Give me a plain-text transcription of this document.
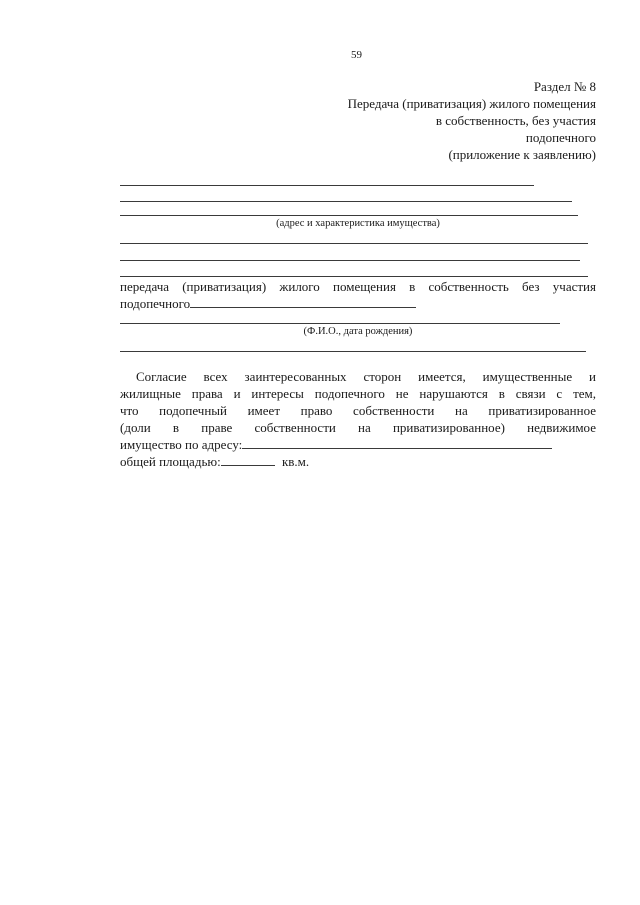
59
Раздел № 8
Передача (приватизация) жилого помещения
в собственность, без участия
подопечного
(приложение к заявлению)
(адрес и характеристика имущества)
передача (приватизация) жилого помещения в собственность без участия
подопечного
(Ф.И.О., дата рождения)
Согласие всех заинтересованных сторон имеется, имущественные и
жилищные права и интересы подопечного не нарушаются в связи с тем,
что подопечный имеет право собственности на приватизированное
(доли в праве собственности на приватизированное) недвижимое
имущество по адресу:
общей площадью:	кв.м.
